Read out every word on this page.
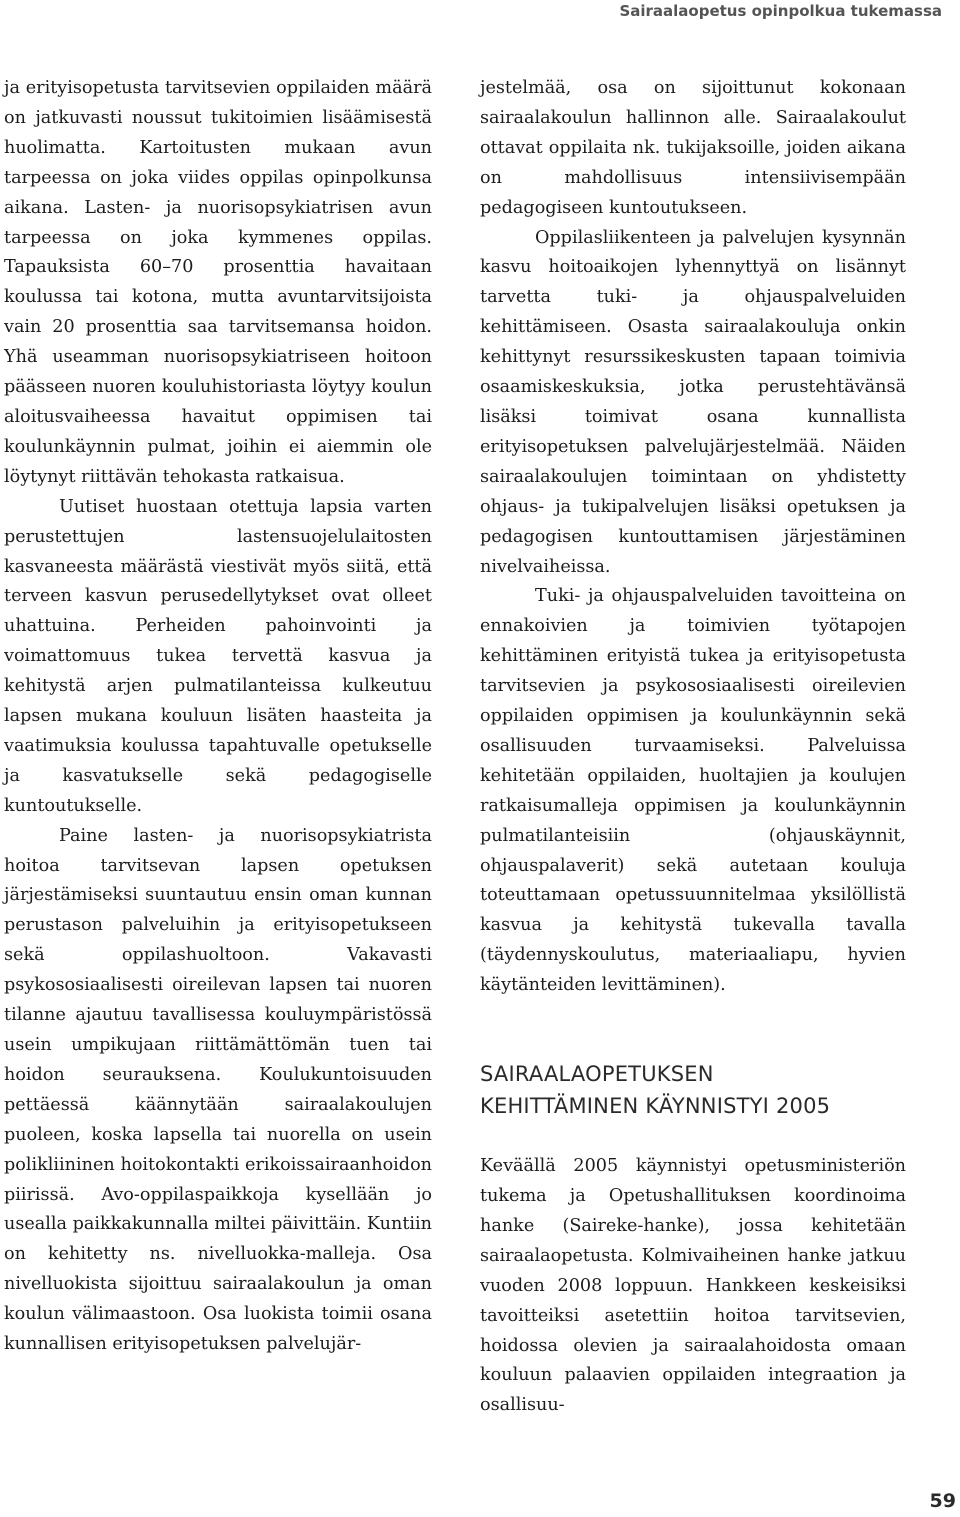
Sairaalaopetus opinpolkua tukemassa

ja erityisopetusta tarvitsevien oppilaiden määrä on jatkuvasti noussut tukitoimien lisäämisestä huolimatta. Kartoitusten mukaan avun tarpeessa on joka viides oppilas opinpolkunsa aikana. Lasten- ja nuorisopsykiatrisen avun tarpeessa on joka kymmenes oppilas. Tapauksista 60–70 prosenttia havaitaan koulussa tai kotona, mutta avuntarvitsijoista vain 20 prosenttia saa tarvitsemansa hoidon. Yhä useamman nuorisopsykiatriseen hoitoon päässeen nuoren kouluhistoriasta löytyy koulun aloitusvaiheessa havaitut oppimisen tai koulunkäynnin pulmat, joihin ei aiemmin ole löytynyt riittävän tehokasta ratkaisua.

Uutiset huostaan otettuja lapsia varten perustettujen lastensuojelulaitosten kasvaneesta määrästä viestivät myös siitä, että terveen kasvun perusedellytykset ovat olleet uhattuina. Perheiden pahoinvointi ja voimattomuus tukea tervettä kasvua ja kehitystä arjen pulmatilanteissa kulkeutuu lapsen mukana kouluun lisäten haasteita ja vaatimuksia koulussa tapahtuvalle opetukselle ja kasvatukselle sekä pedagogiselle kuntoutukselle.

Paine lasten- ja nuorisopsykiatrista hoitoa tarvitsevan lapsen opetuksen järjestämiseksi suuntautuu ensin oman kunnan perustason palveluihin ja erityisopetukseen sekä oppilashuoltoon. Vakavasti psykososiaalisesti oireilevan lapsen tai nuoren tilanne ajautuu tavallisessa kouluympäristössä usein umpikujaan riittämättömän tuen tai hoidon seurauksena. Koulukuntoisuuden pettäessä käännytään sairaalakoulujen puoleen, koska lapsella tai nuorella on usein polikliininen hoitokontakti erikoissairaanhoidon piirissä. Avo-oppilaspaikkoja kysellään jo usealla paikkakunnalla miltei päivittäin. Kuntiin on kehitetty ns. nivelluokka-malleja. Osa nivelluokista sijoittuu sairaalakoulun ja oman koulun välimaastoon. Osa luokista toimii osana kunnallisen erityisopetuksen palvelujär-

jestelmää, osa on sijoittunut kokonaan sairaalakoulun hallinnon alle. Sairaalakoulut ottavat oppilaita nk. tukijaksoille, joiden aikana on mahdollisuus intensiivisempään pedagogiseen kuntoutukseen.

Oppilasliikenteen ja palvelujen kysynnän kasvu hoitoaikojen lyhennyttyä on lisännyt tarvetta tuki- ja ohjauspalveluiden kehittämiseen. Osasta sairaalakouluja onkin kehittynyt resurssikeskusten tapaan toimivia osaamiskeskuksia, jotka perustehtävänsä lisäksi toimivat osana kunnallista erityisopetuksen palvelujärjestelmää. Näiden sairaalakoulujen toimintaan on yhdistetty ohjaus- ja tukipalvelujen lisäksi opetuksen ja pedagogisen kuntouttamisen järjestäminen nivelvaiheissa.

Tuki- ja ohjauspalveluiden tavoitteina on ennakoivien ja toimivien työtapojen kehittäminen erityistä tukea ja erityisopetusta tarvitsevien ja psykososiaalisesti oireilevien oppilaiden oppimisen ja koulunkäynnin sekä osallisuuden turvaamiseksi. Palveluissa kehitetään oppilaiden, huoltajien ja koulujen ratkaisumalleja oppimisen ja koulunkäynnin pulmatilanteisiin (ohjauskäynnit, ohjauspalaverit) sekä autetaan kouluja toteuttamaan opetussuunnitelmaa yksilöllistä kasvua ja kehitystä tukevalla tavalla (täydennyskoulutus, materiaaliapu, hyvien käytänteiden levittäminen).

SAIRAALAOPETUKSEN
KEHITTÄMINEN KÄYNNISTYI 2005

Keväällä 2005 käynnistyi opetusministeriön tukema ja Opetushallituksen koordinoima hanke (Saireke-hanke), jossa kehitetään sairaalaopetusta. Kolmivaiheinen hanke jatkuu vuoden 2008 loppuun. Hankkeen keskeisiksi tavoitteiksi asetettiin hoitoa tarvitsevien, hoidossa olevien ja sairaalahoidosta omaan kouluun palaavien oppilaiden integraation ja osallisuu-

59
